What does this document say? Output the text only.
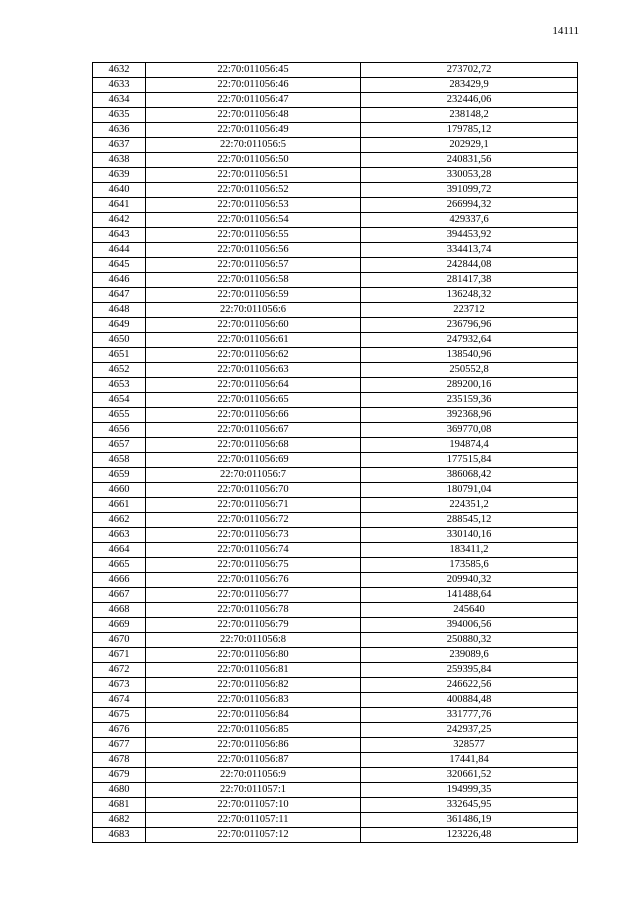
14111
4632	22:70:011056:45	273702,72
4633	22:70:011056:46	283429,9
4634	22:70:011056:47	232446,06
4635	22:70:011056:48	238148,2
4636	22:70:011056:49	179785,12
4637	22:70:011056:5	202929,1
4638	22:70:011056:50	240831,56
4639	22:70:011056:51	330053,28
4640	22:70:011056:52	391099,72
4641	22:70:011056:53	266994,32
4642	22:70:011056:54	429337,6
4643	22:70:011056:55	394453,92
4644	22:70:011056:56	334413,74
4645	22:70:011056:57	242844,08
4646	22:70:011056:58	281417,38
4647	22:70:011056:59	136248,32
4648	22:70:011056:6	223712
4649	22:70:011056:60	236796,96
4650	22:70:011056:61	247932,64
4651	22:70:011056:62	138540,96
4652	22:70:011056:63	250552,8
4653	22:70:011056:64	289200,16
4654	22:70:011056:65	235159,36
4655	22:70:011056:66	392368,96
4656	22:70:011056:67	369770,08
4657	22:70:011056:68	194874,4
4658	22:70:011056:69	177515,84
4659	22:70:011056:7	386068,42
4660	22:70:011056:70	180791,04
4661	22:70:011056:71	224351,2
4662	22:70:011056:72	288545,12
4663	22:70:011056:73	330140,16
4664	22:70:011056:74	183411,2
4665	22:70:011056:75	173585,6
4666	22:70:011056:76	209940,32
4667	22:70:011056:77	141488,64
4668	22:70:011056:78	245640
4669	22:70:011056:79	394006,56
4670	22:70:011056:8	250880,32
4671	22:70:011056:80	239089,6
4672	22:70:011056:81	259395,84
4673	22:70:011056:82	246622,56
4674	22:70:011056:83	400884,48
4675	22:70:011056:84	331777,76
4676	22:70:011056:85	242937,25
4677	22:70:011056:86	328577
4678	22:70:011056:87	17441,84
4679	22:70:011056:9	320661,52
4680	22:70:011057:1	194999,35
4681	22:70:011057:10	332645,95
4682	22:70:011057:11	361486,19
4683	22:70:011057:12	123226,48
